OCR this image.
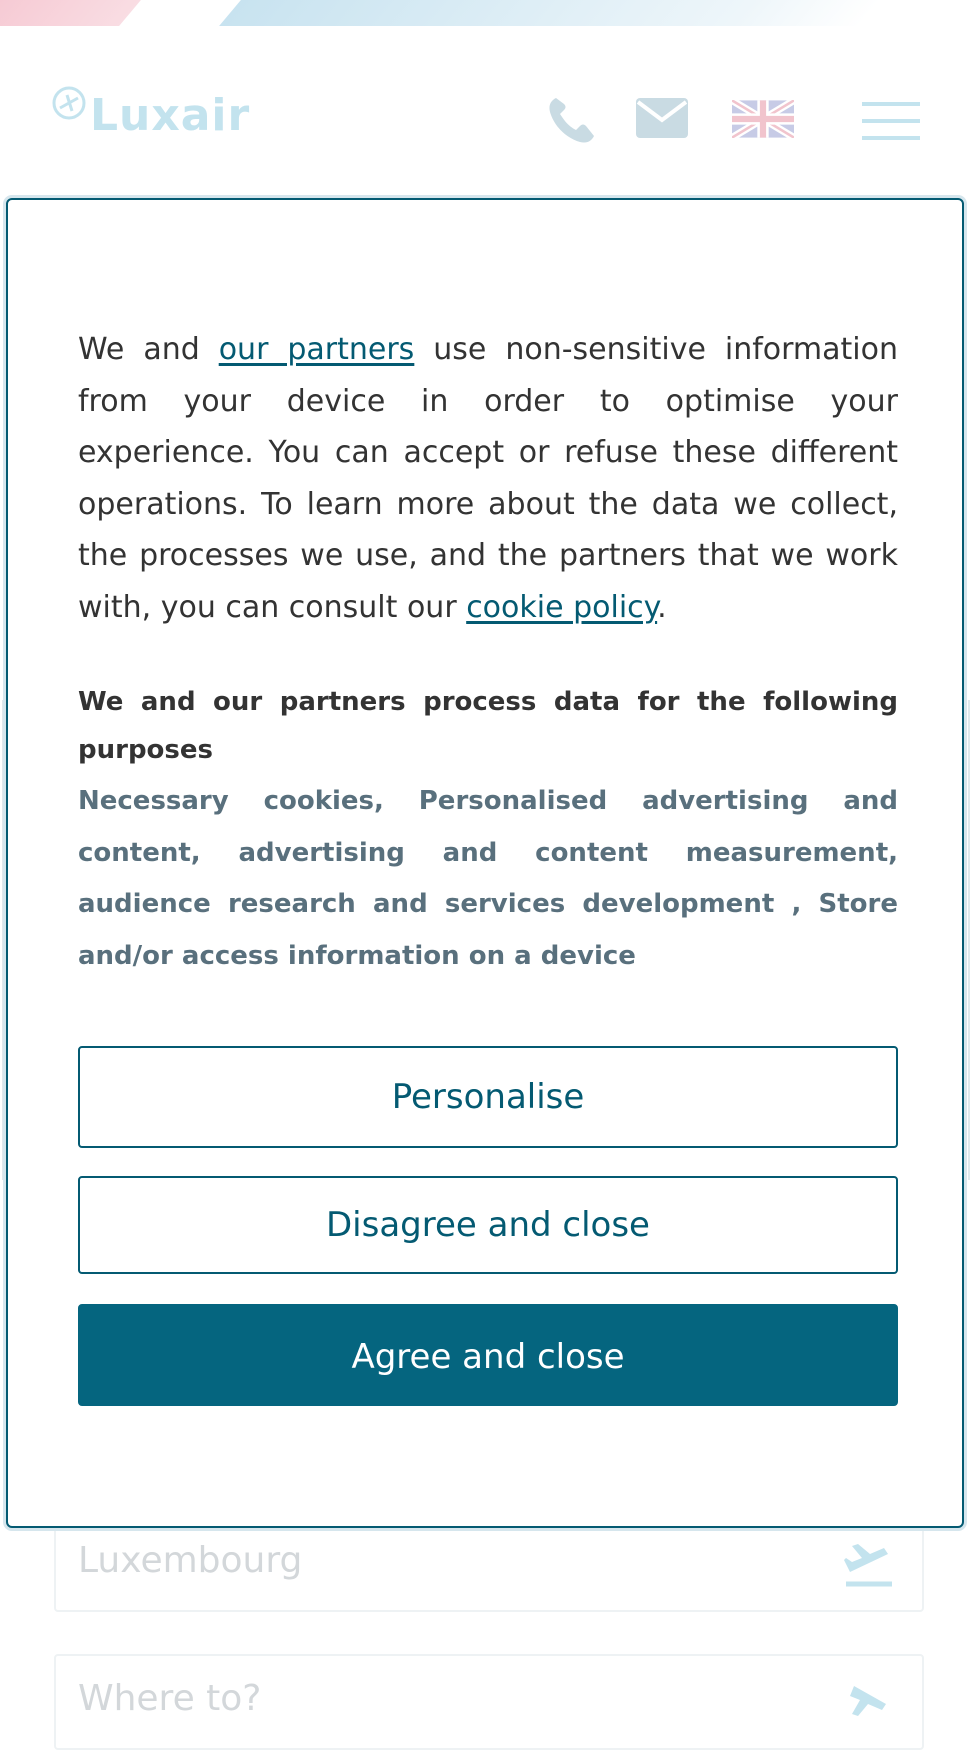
Luxair
Luxembourg
Where to?

We and our partners use non-sensitive information from your device in order to optimise your experience. You can accept or refuse these different operations. To learn more about the data we collect, the processes we use, and the partners that we work with, you can consult our cookie policy.

We and our partners process data for the following purposes

Necessary cookies, Personalised advertising and content, advertising and content measurement, audience research and services development , Store and/or access information on a device

Personalise
Disagree and close
Agree and close
